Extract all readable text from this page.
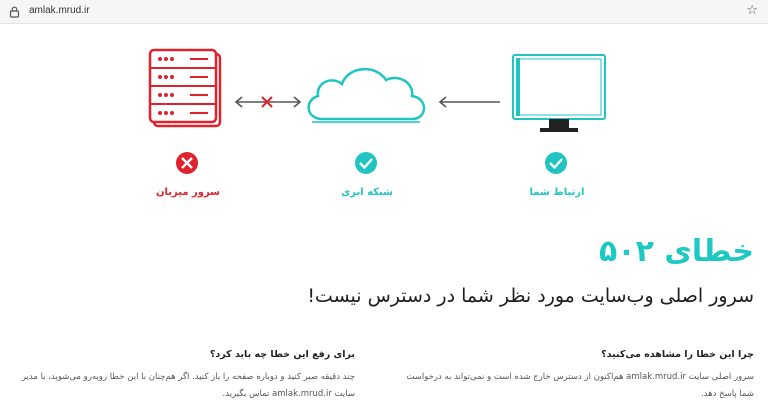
amlak.mrud.ir	☆
سرور میزبان	شبکه ابری	ارتباط شما
خطای ۵۰۲
سرور اصلی وب‌سایت مورد نظر شما در دسترس نیست!
چرا این خطا را مشاهده می‌کنید؟

سرور اصلی سایت amlak.mrud.ir هم‌اکنون از دسترس خارج شده است و نمی‌تواند به درخواست شما پاسخ دهد.

برای رفع این خطا چه باید کرد؟

چند دقیقه صبر کنید و دوباره صفحه را باز کنید. اگر هم‌چنان با این خطا روبه‌رو می‌شوید، با مدیر سایت amlak.mrud.ir تماس بگیرید.
